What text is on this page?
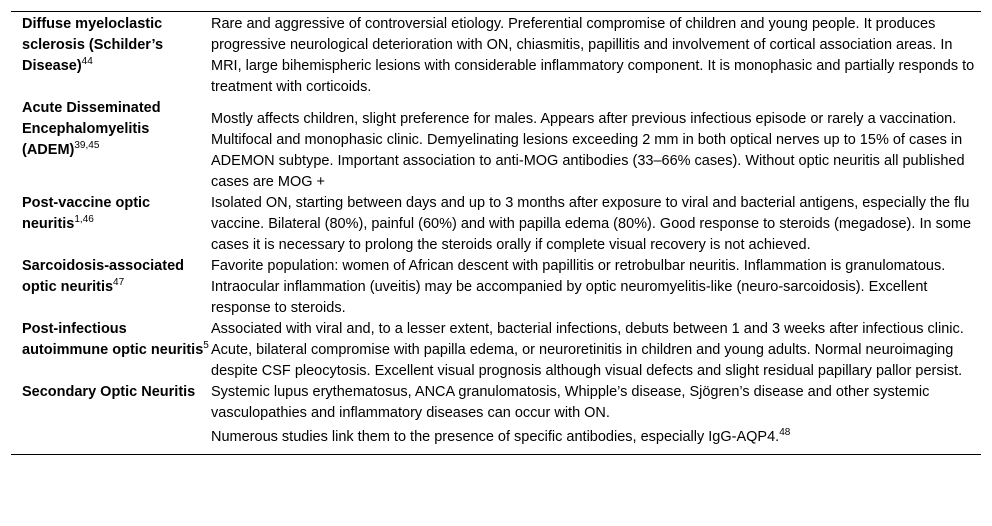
Diffuse myeloclastic sclerosis (Schilder’s Disease)$^{44}$	Rare and aggressive of controversial etiology. Preferential compromise of children and young people. It produces progressive neurological deterioration with ON, chiasmitis, papillitis and involvement of cortical association areas. In MRI, large bihemispheric lesions with considerable inflammatory component. It is monophasic and partially responds to treatment with corticoids.
Acute Disseminated Encephalomyelitis (ADEM)$^{39,45}$	Mostly affects children, slight preference for males. Appears after previous infectious episode or rarely a vaccination. Multifocal and monophasic clinic. Demyelinating lesions exceeding 2 mm in both optical nerves up to 15% of cases in ADEMON subtype. Important association to anti-MOG antibodies (33–66% cases). Without optic neuritis all published cases are MOG +
Post-vaccine optic neuritis$^{1,46}$	Isolated ON, starting between days and up to 3 months after exposure to viral and bacterial antigens, especially the flu vaccine. Bilateral (80%), painful (60%) and with papilla edema (80%). Good response to steroids (megadose). In some cases it is necessary to prolong the steroids orally if complete visual recovery is not achieved.
Sarcoidosis-associated optic neuritis$^{47}$	Favorite population: women of African descent with papillitis or retrobulbar neuritis. Inflammation is granulomatous. Intraocular inflammation (uveitis) may be accompanied by optic neuromyelitis-like (neuro-sarcoidosis). Excellent response to steroids.
Post-infectious autoimmune optic neuritis$^5$	Associated with viral and, to a lesser extent, bacterial infections, debuts between 1 and 3 weeks after infectious clinic. Acute, bilateral compromise with papilla edema, or neuroretinitis in children and young adults. Normal neuroimaging despite CSF pleocytosis. Excellent visual prognosis although visual defects and slight residual papillary pallor persist.
Secondary Optic Neuritis	Systemic lupus erythematosus, ANCA granulomatosis, Whipple’s disease, Sjögren’s disease and other systemic vasculopathies and inflammatory diseases can occur with ON.
Numerous studies link them to the presence of specific antibodies, especially IgG-AQP4.48
